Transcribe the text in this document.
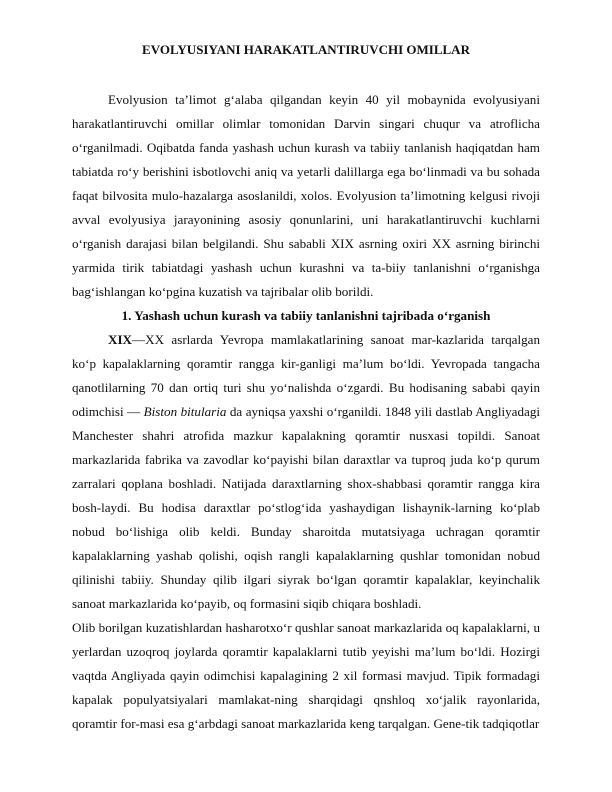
EVOLYUSIYANI HARAKATLANTIRUVCHI OMILLAR

Evolyusion ta’limot g‘alaba qilgandan keyin 40 yil mobaynida evolyusiyani harakatlantiruvchi omillar olimlar tomonidan Darvin singari chuqur va atroflicha o‘rganilmadi. Oqibatda fanda yashash uchun kurash va tabiiy tanlanish haqiqatdan ham tabiatda ro‘y berishini isbotlovchi aniq va yetarli dalillarga ega bo‘linmadi va bu sohada faqat bilvosita mulo-hazalarga asoslanildi, xolos. Evolyusion ta’limotning kelgusi rivoji avval evolyusiya jarayonining asosiy qonunlarini, uni harakatlantiruvchi kuchlarni o‘rganish darajasi bilan belgilandi. Shu sababli XIX asrning oxiri XX asrning birinchi yarmida tirik tabiatdagi yashash uchun kurashni va ta-biiy tanlanishni o‘rganishga bag‘ishlangan ko‘pgina kuzatish va tajribalar olib borildi.

1. Yashash uchun kurash va tabiiy tanlanishni tajribada o‘rganish

XIX—XX asrlarda Yevropa mamlakatlarining sanoat mar-kazlarida tarqalgan ko‘p kapalaklarning qoramtir rangga kir-ganligi ma’lum bo‘ldi. Yevropada tangacha qanotlilarning 70 dan ortiq turi shu yo‘nalishda o‘zgardi. Bu hodisaning sababi qayin odimchisi — Biston bitularia da ayniqsa yaxshi o‘rganildi. 1848 yili dastlab Angliyadagi Manchester shahri atrofida mazkur kapalakning qoramtir nusxasi topildi. Sanoat markazlarida fabrika va zavodlar ko‘payishi bilan daraxtlar va tuproq juda ko‘p qurum zarralari qoplana boshladi. Natijada daraxtlarning shox-shabbasi qoramtir rangga kira bosh-laydi. Bu hodisa daraxtlar po‘stlog‘ida yashaydigan lishaynik-larning ko‘plab nobud bo‘lishiga olib keldi. Bunday sharoitda mutatsiyaga uchragan qoramtir kapalaklarning yashab qolishi, oqish rangli kapalaklarning qushlar tomonidan nobud qilinishi tabiiy. Shunday qilib ilgari siyrak bo‘lgan qoramtir kapalaklar, keyinchalik sanoat markazlarida ko‘payib, oq formasini siqib chiqara boshladi.

Olib borilgan kuzatishlardan hasharotxo‘r qushlar sanoat markazlarida oq kapalaklarni, u yerlardan uzoqroq joylarda qoramtir kapalaklarni tutib yeyishi ma’lum bo‘ldi. Hozirgi vaqtda Angliyada qayin odimchisi kapalagining 2 xil formasi mavjud. Tipik formadagi kapalak populyatsiyalari mamlakat-ning sharqidagi qnshloq xo‘jalik rayonlarida, qoramtir for-masi esa g‘arbdagi sanoat markazlarida keng tarqalgan. Gene-tik tadqiqotlar
